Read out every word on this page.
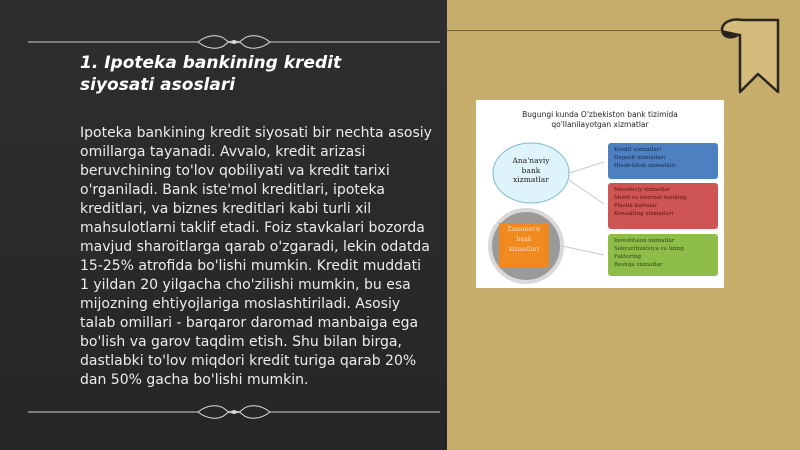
1. Ipoteka bankining kredit siyosati asoslari

Ipoteka bankining kredit siyosati bir nechta asosiy omillarga tayanadi. Avvalo, kredit arizasi beruvchining to'lov qobiliyati va kredit tarixi o'rganiladi. Bank iste'mol kreditlari, ipoteka kreditlari, va biznes kreditlari kabi turli xil mahsulotlarni taklif etadi. Foiz stavkalari bozorda mavjud sharoitlarga qarab o'zgaradi, lekin odatda 15-25% atrofida bo'lishi mumkin. Kredit muddati 1 yildan 20 yilgacha cho'zilishi mumkin, bu esa mijozning ehtiyojlariga moslashtiriladi. Asosiy talab omillari - barqaror daromad manbaiga ega bo'lish va garov taqdim etish. Shu bilan birga, dastlabki to'lov miqdori kredit turiga qarab 20% dan 50% gacha bo'lishi mumkin.

Bugungi kunda O'zbekiston bank tizimida
qo'llanilayotgan xizmatlar
Ana'naviy
bank
xizmatlar
Zamonaviy
bank
xizmatlari
Kredit xizmatlari
Depozit xizmatlari
Hisob-kitob xizmatlari
Masofaviy xizmatlar
Mobil va internet banking
Plastik kartalar
Konsalting xizmatlari
Investitsion xizmatlar
Sekyuritizatsiya va lizing
Faktoring
Boshqa xizmatlar
